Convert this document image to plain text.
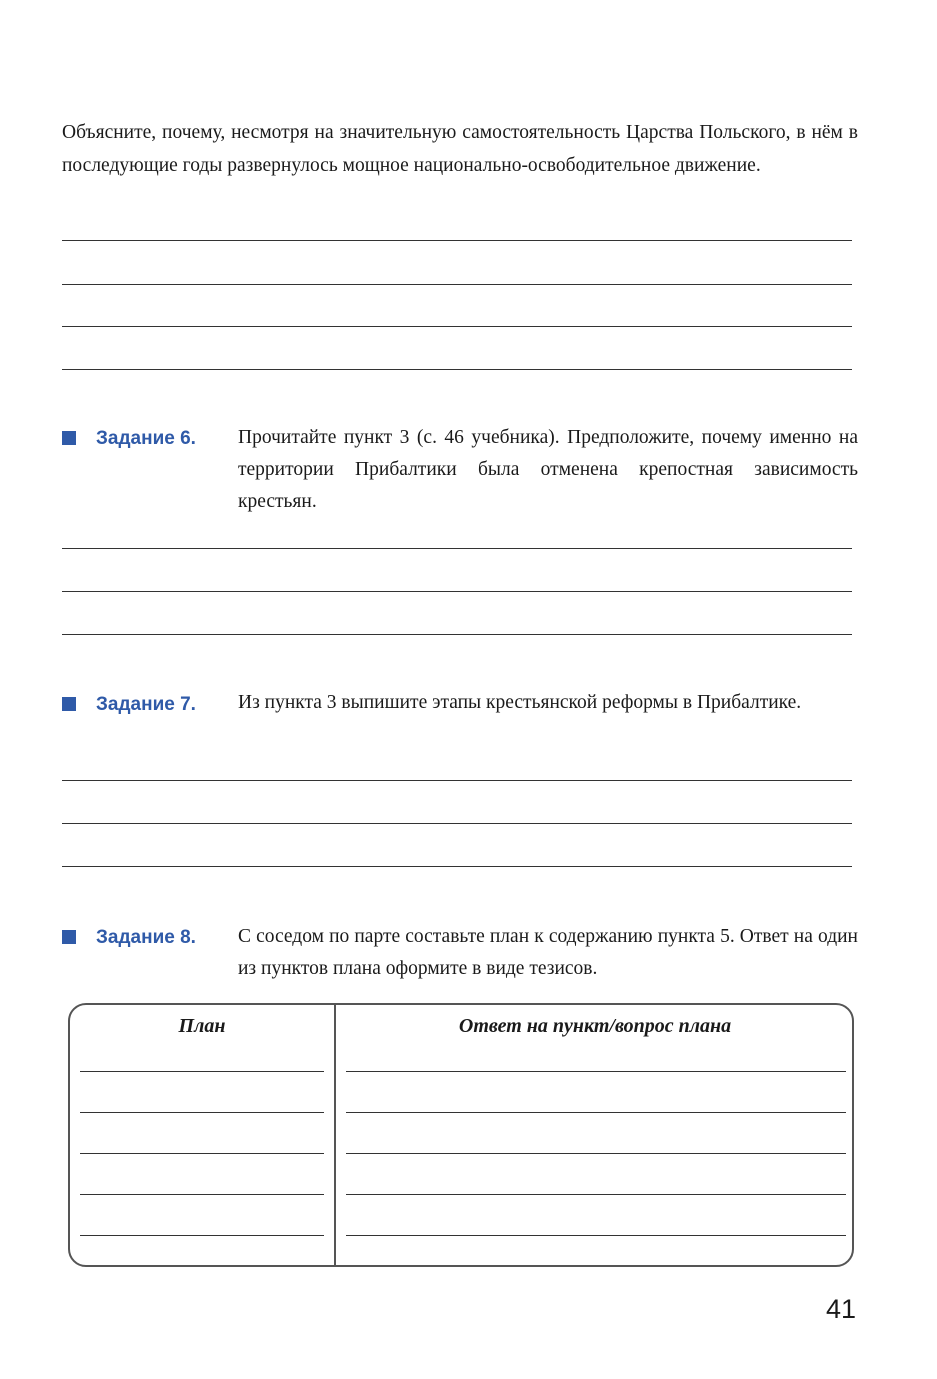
Объясните, почему, несмотря на значительную самостоятельность Царства Польского, в нём в последующие годы развернулось мощное национально-освободительное движение.
Задание 6. Прочитайте пункт 3 (с. 46 учебника). Предположите, почему именно на территории Прибалтики была отменена крепостная зависимость крестьян.
Задание 7. Из пункта 3 выпишите этапы крестьянской реформы в Прибалтике.
Задание 8. С соседом по парте составьте план к содержанию пункта 5. Ответ на один из пунктов плана оформите в виде тезисов.
План	Ответ на пункт/вопрос плана
41
